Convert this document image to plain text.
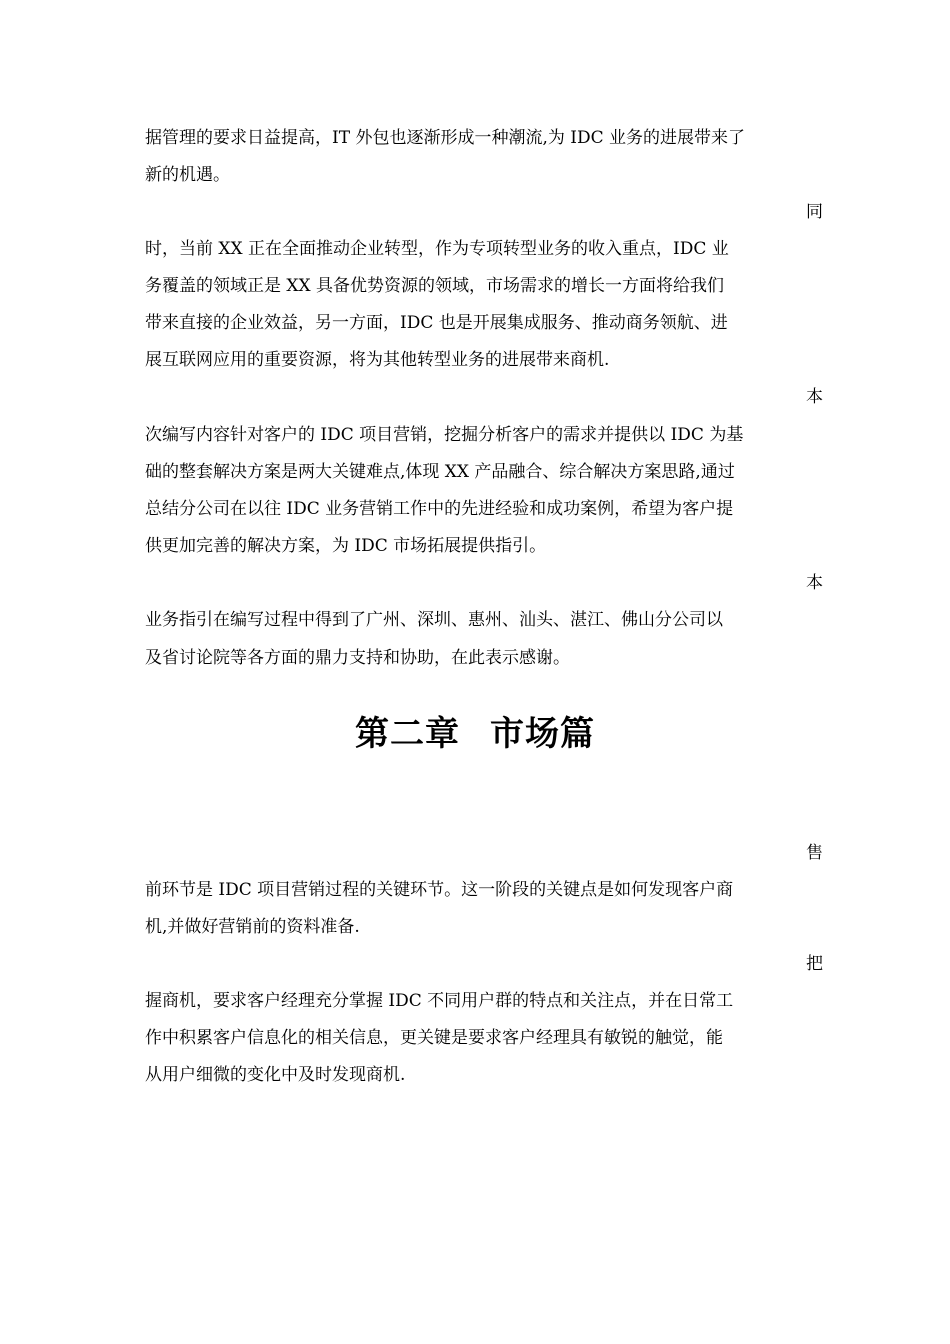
据管理的要求日益提高，IT 外包也逐渐形成一种潮流,为 IDC 业务的进展带来了
新的机遇。
同
时，当前 XX 正在全面推动企业转型，作为专项转型业务的收入重点，IDC 业
务覆盖的领域正是 XX 具备优势资源的领域，市场需求的增长一方面将给我们
带来直接的企业效益，另一方面，IDC 也是开展集成服务、推动商务领航、进
展互联网应用的重要资源，将为其他转型业务的进展带来商机.
本
次编写内容针对客户的 IDC 项目营销，挖掘分析客户的需求并提供以 IDC 为基
础的整套解决方案是两大关键难点,体现 XX 产品融合、综合解决方案思路,通过
总结分公司在以往 IDC 业务营销工作中的先进经验和成功案例，希望为客户提
供更加完善的解决方案，为 IDC 市场拓展提供指引。
本
业务指引在编写过程中得到了广州、深圳、惠州、汕头、湛江、佛山分公司以
及省讨论院等各方面的鼎力支持和协助，在此表示感谢。
第二章 市场篇
售
前环节是 IDC 项目营销过程的关键环节。这一阶段的关键点是如何发现客户商
机,并做好营销前的资料准备.
把
握商机，要求客户经理充分掌握 IDC 不同用户群的特点和关注点，并在日常工
作中积累客户信息化的相关信息，更关键是要求客户经理具有敏锐的触觉，能
从用户细微的变化中及时发现商机.
